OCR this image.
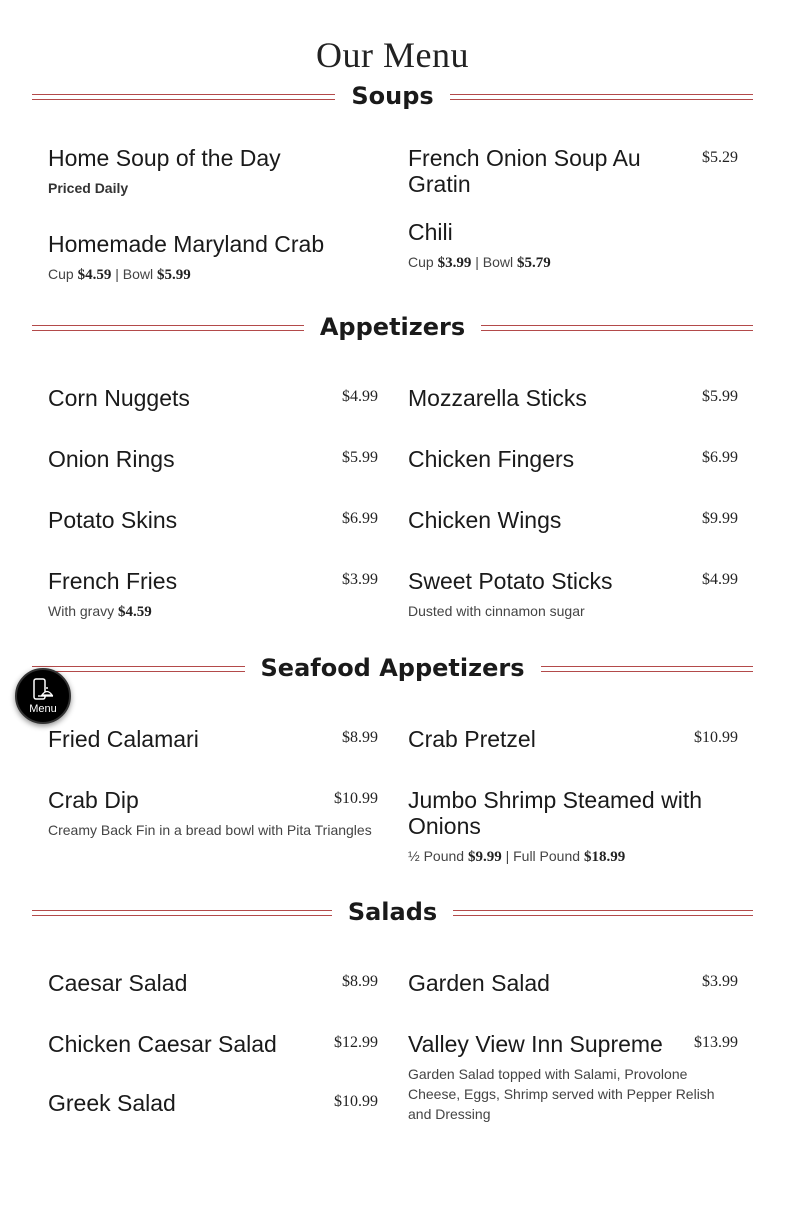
Our Menu
Soups
Home Soup of the Day
Priced Daily
French Onion Soup Au Gratin
$5.29
Homemade Maryland Crab
Cup $4.59 | Bowl $5.99
Chili
Cup $3.99 | Bowl $5.79
Appetizers
Corn Nuggets	$4.99 Mozzarella Sticks	$5.99
Onion Rings	$5.99 Chicken Fingers	$6.99
Potato Skins	$6.99 Chicken Wings	$9.99
French Fries	$3.99
With gravy $4.59
Sweet Potato Sticks	$4.99
Dusted with cinnamon sugar
Seafood Appetizers
Fried Calamari	$8.99 Crab Pretzel	$10.99
Crab Dip	$10.99
Creamy Back Fin in a bread bowl with Pita Triangles
Jumbo Shrimp Steamed with Onions
½ Pound $9.99 | Full Pound $18.99
Salads
Caesar Salad	$8.99 Garden Salad	$3.99
Chicken Caesar Salad	$12.99 Valley View Inn Supreme	$13.99
Garden Salad topped with Salami, Provolone Cheese, Eggs, Shrimp served with Pepper Relish and Dressing
Greek Salad	$10.99
Menu
